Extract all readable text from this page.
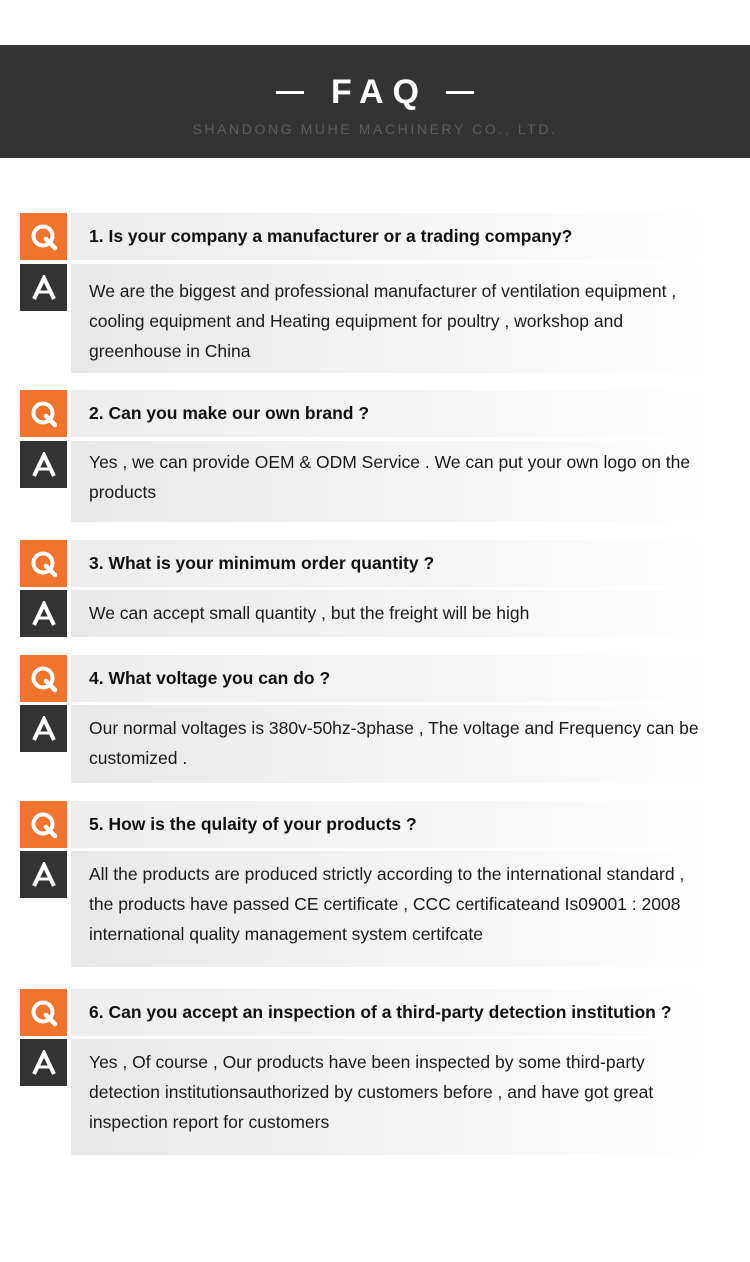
FAQ
SHANDONG MUHE MACHINERY CO., LTD.
1. Is your company a manufacturer or a trading company?
We are the biggest and professional manufacturer of ventilation equipment ,
cooling equipment and Heating equipment for poultry , workshop and
greenhouse in China
2. Can you make our own brand ?
Yes , we can provide OEM & ODM Service . We can put your own logo on the
products
3. What is your minimum order quantity ?
We can accept small quantity , but the freight will be high
4. What voltage you can do ?
Our normal voltages is 380v-50hz-3phase , The voltage and Frequency can be
customized .
5. How is the qulaity of your products ?
All the products are produced strictly according to the international standard ,
the products have passed CE certificate , CCC certificateand Is09001 : 2008
international quality management system certifcate
6. Can you accept an inspection of a third-party detection institution ?
Yes , Of course , Our products have been inspected by some third-party
detection institutionsauthorized by customers before , and have got great
inspection report for customers
